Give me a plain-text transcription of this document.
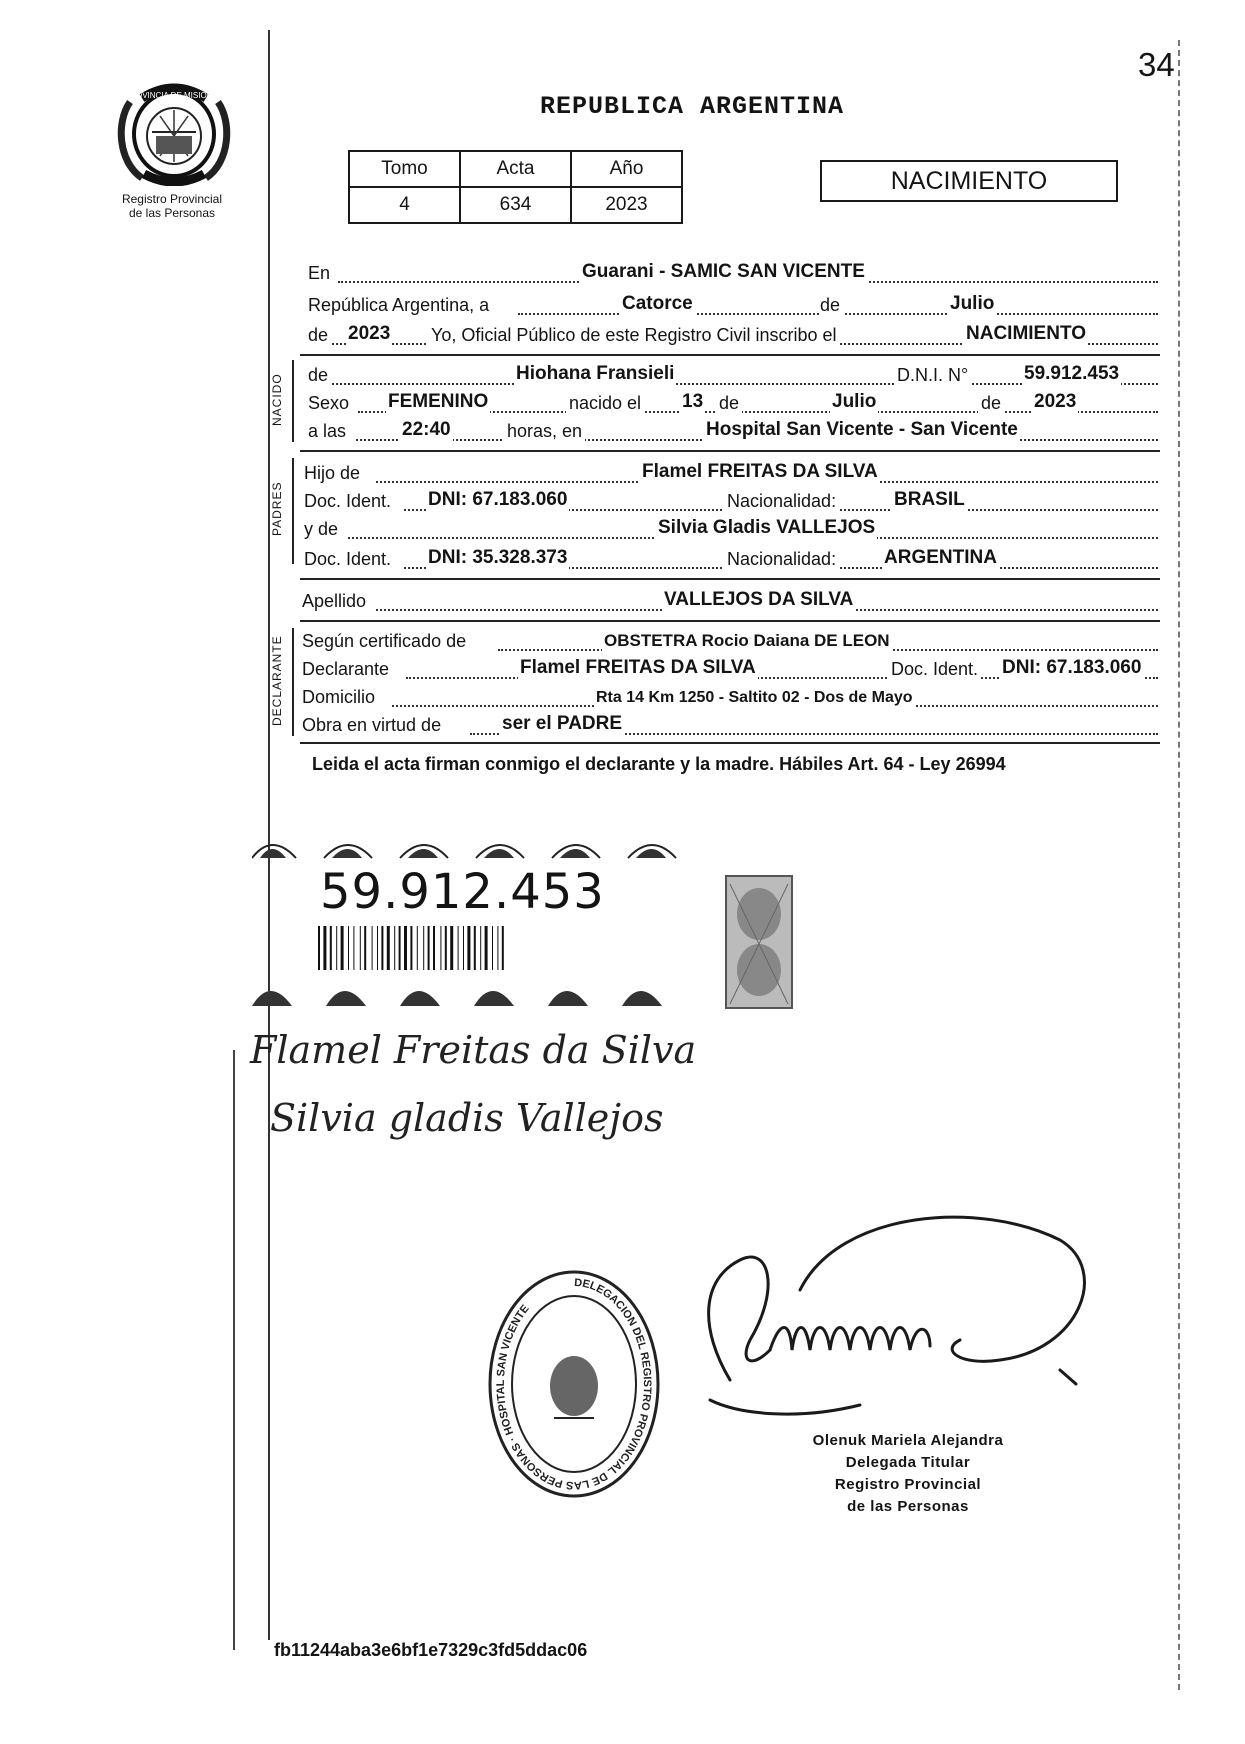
34
PROVINCIA DE MISIONES
Registro Provincial
de las Personas
REPUBLICA ARGENTINA
Tomo	Acta	Año
4	634	2023
NACIMIENTO
En	Guarani - SAMIC SAN VICENTE
República Argentina, a	Catorce	de	Julio
de 2023 Yo, Oficial Público de este Registro Civil inscribo el	NACIMIENTO
NACIDO de	Hiohana Fransieli	D.N.I. N°	59.912.453
Sexo FEMENINO	nacido el 13 de	Julio	de 2023
a las	22:40	horas, en	Hospital San Vicente - San Vicente
PADRES
Hijo de	Flamel FREITAS DA SILVA
Doc. Ident. DNI: 67.183.060	Nacionalidad:	BRASIL
y de	Silvia Gladis VALLEJOS
Doc. Ident. DNI: 35.328.373	Nacionalidad:	ARGENTINA
Apellido	VALLEJOS DA SILVA
DECLARANTE Según certificado de	OBSTETRA Rocio Daiana DE LEON
Declarante	Flamel FREITAS DA SILVA	Doc. Ident. DNI: 67.183.060
Domicilio	Rta 14 Km 1250 - Saltito 02 - Dos de Mayo
Obra en virtud de	ser el PADRE
Leida el acta firman conmigo el declarante y la madre. Hábiles Art. 64 - Ley 26994
59.912.453
Flamel Freitas da Silva
Silvia gladis Vallejos
DELEGACION DEL REGISTRO PROVINCIAL DE LAS PERSONAS · HOSPITAL SAN VICENTE
Olenuk Mariela Alejandra
Delegada Titular
Registro Provincial
de las Personas
fb11244aba3e6bf1e7329c3fd5ddac06
